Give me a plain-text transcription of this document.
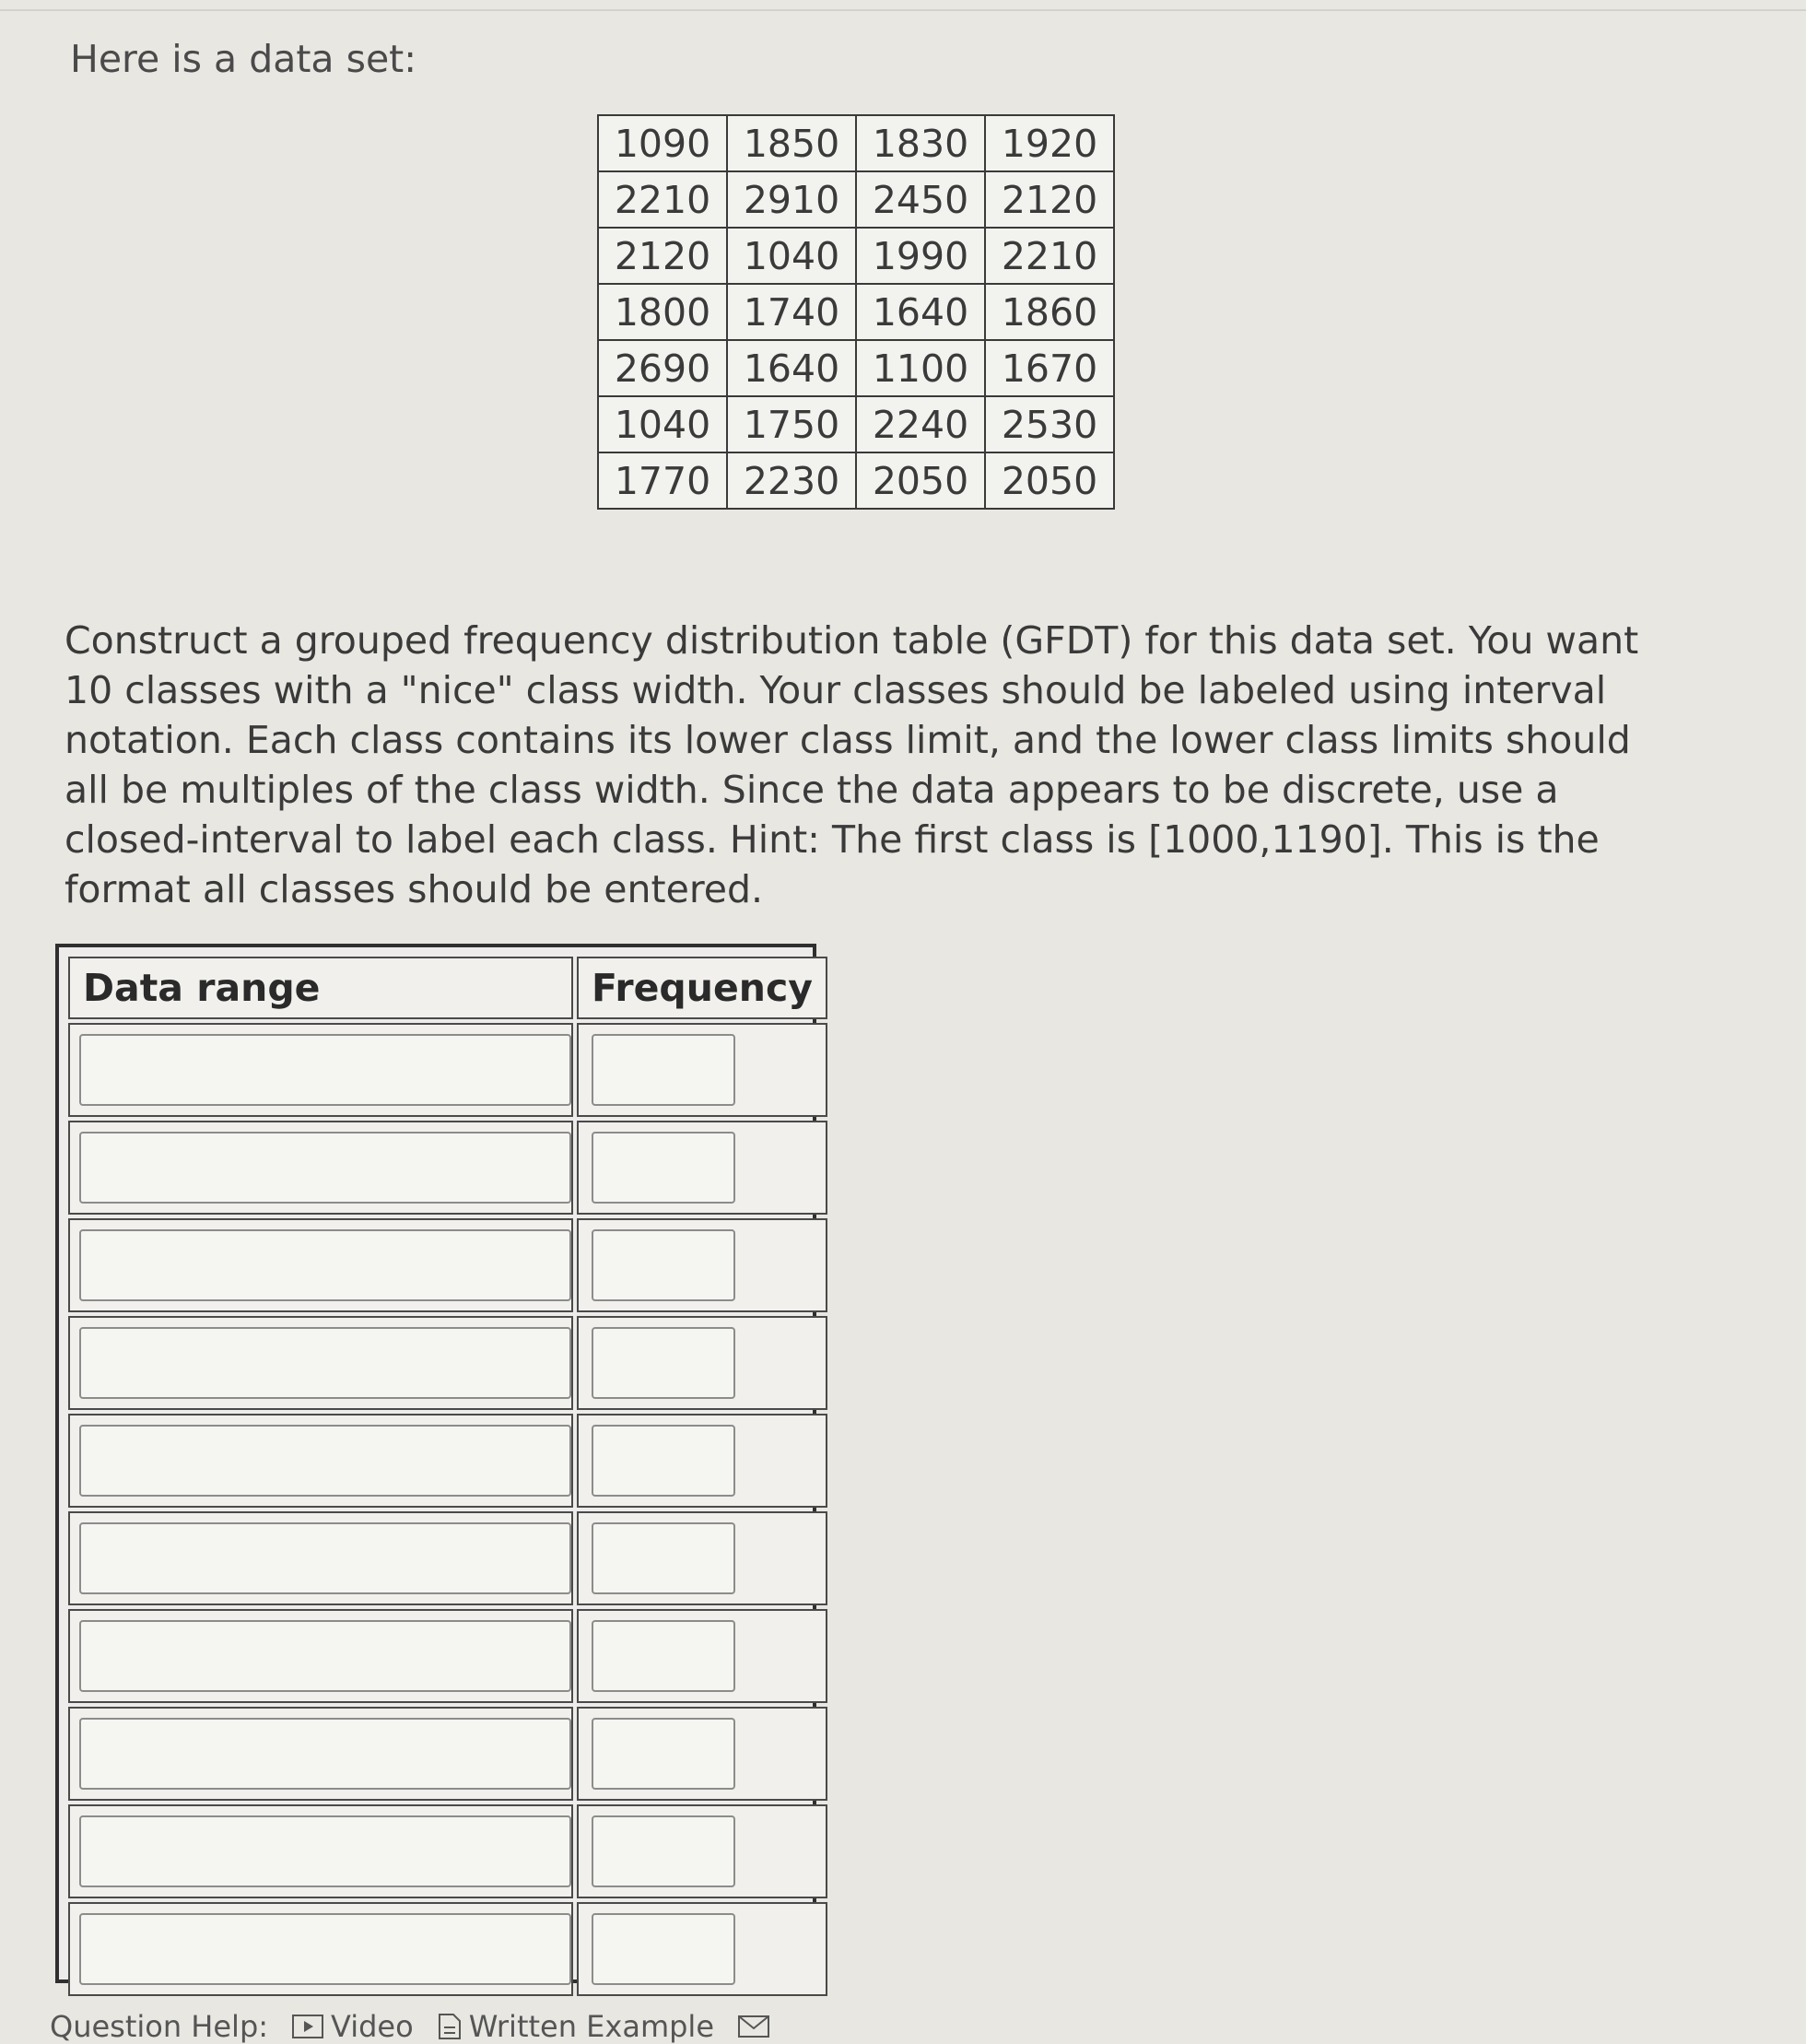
Here is a data set:
1090	1850	1830	1920
2210	2910	2450	2120
2120	1040	1990	2210
1800	1740	1640	1860
2690	1640	1100	1670
1040	1750	2240	2530
1770	2230	2050	2050
Construct a grouped frequency distribution table (GFDT) for this data set. You want 10 classes with a "nice" class width. Your classes should be labeled using interval notation. Each class contains its lower class limit, and the lower class limits should all be multiples of the class width. Since the data appears to be discrete, use a closed-interval to label each class. Hint: The first class is [1000,1190]. This is the format all classes should be entered.
Data range	Frequency

Question Help: Video Written Example
